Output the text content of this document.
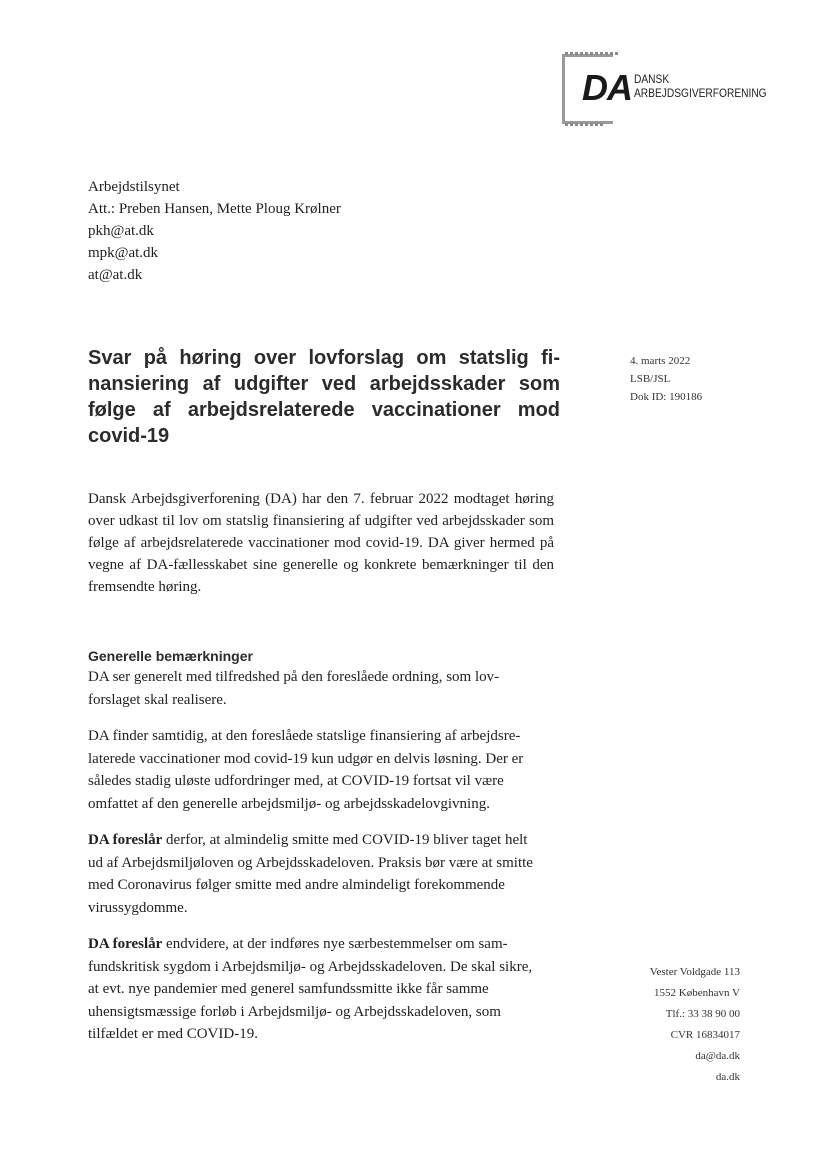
DA DANSK
ARBEJDSGIVERFORENING
Arbejdstilsynet
Att.: Preben Hansen, Mette Ploug Krølner
pkh@at.dk
mpk@at.dk
at@at.dk
Svar på høring over lovforslag om statslig finansiering af udgifter ved arbejdsskader som følge af arbejdsrelaterede vaccinationer mod covid-19
4. marts 2022
LSB/JSL
Dok ID: 190186

Dansk Arbejdsgiverforening (DA) har den 7. februar 2022 modtaget høring over udkast til lov om statslig finansiering af udgifter ved arbejdsskader som følge af arbejdsrelaterede vaccinationer mod covid-19. DA giver hermed på vegne af DA-fællesskabet sine generelle og konkrete bemærkninger til den fremsendte høring.

Generelle bemærkninger

DA ser generelt med tilfredshed på den foreslåede ordning, som lovforslaget skal realisere.

DA finder samtidig, at den foreslåede statslige finansiering af arbejdsrelaterede vaccinationer mod covid-19 kun udgør en delvis løsning. Der er således stadig uløste udfordringer med, at COVID-19 fortsat vil være omfattet af den generelle arbejdsmiljø- og arbejdsskadelovgivning.

DA foreslår derfor, at almindelig smitte med COVID-19 bliver taget helt ud af Arbejdsmiljøloven og Arbejdsskadeloven. Praksis bør være at smitte med Coronavirus følger smitte med andre almindeligt forekommende virussygdomme.

DA foreslår endvidere, at der indføres nye særbestemmelser om samfundskritisk sygdom i Arbejdsmiljø- og Arbejdsskadeloven. De skal sikre, at evt. nye pandemier med generel samfundssmitte ikke får samme uhensigtsmæssige forløb i Arbejdsmiljø- og Arbejdsskadeloven, som tilfældet er med COVID-19.

Vester Voldgade 113
1552 København V
Tlf.: 33 38 90 00
CVR 16834017
da@da.dk
da.dk
